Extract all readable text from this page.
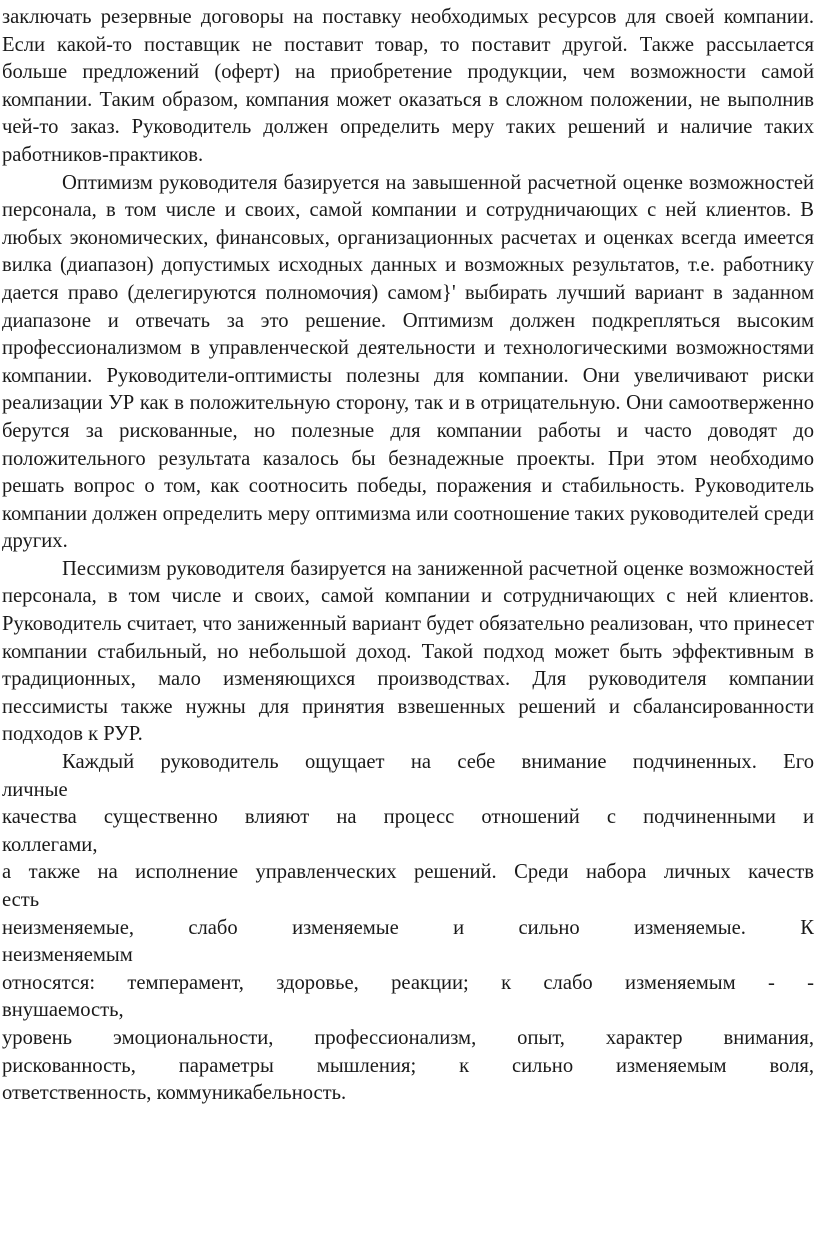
заключать резервные договоры на поставку необходимых ресурсов для своей компании. Если какой-то поставщик не поставит товар, то поставит другой. Также рассылается больше предложений (оферт) на приобретение продукции, чем возможности самой компании. Таким образом, компания может оказаться в сложном положении, не выполнив чей-то заказ. Руководитель должен определить меру таких решений и наличие таких работников-практиков.

Оптимизм руководителя базируется на завышенной расчетной оценке возможностей персонала, в том числе и своих, самой компании и сотрудничающих с ней клиентов. В любых экономических, финансовых, организационных расчетах и оценках всегда имеется вилка (диапазон) допустимых исходных данных и возможных результатов, т.е. работнику дается право (делегируются полномочия) самом}' выбирать лучший вариант в заданном диапазоне и отвечать за это решение. Оптимизм должен подкрепляться высоким профессионализмом в управленческой деятельности и технологическими возможностями компании. Руководители-оптимисты полезны для компании. Они увеличивают риски реализации УР как в положительную сторону, так и в отрицательную. Они самоотверженно берутся за рискованные, но полезные для компании работы и часто доводят до положительного результата казалось бы безнадежные проекты. При этом необходимо решать вопрос о том, как соотносить победы, поражения и стабильность. Руководитель компании должен определить меру оптимизма или соотношение таких руководителей среди других.

Пессимизм руководителя базируется на заниженной расчетной оценке возможностей персонала, в том числе и своих, самой компании и сотрудничающих с ней клиентов. Руководитель считает, что заниженный вариант будет обязательно реализован, что принесет компании стабильный, но небольшой доход. Такой подход может быть эффективным в традиционных, мало изменяющихся производствах. Для руководителя компании пессимисты также нужны для принятия взвешенных решений и сбалансированности подходов к РУР.

Каждый руководитель ощущает на себе внимание подчиненных. Его

личные

качества существенно влияют на процесс отношений с подчиненными и

коллегами,

а также на исполнение управленческих решений. Среди набора личных качеств

есть

неизменяемые, слабо изменяемые и сильно изменяемые. К

неизменяемым

относятся: темперамент, здоровье, реакции; к слабо изменяемым - -

внушаемость,

уровень эмоциональности, профессионализм, опыт, характер внимания,

рискованность, параметры мышления; к сильно изменяемым воля,

ответственность, коммуникабельность.
